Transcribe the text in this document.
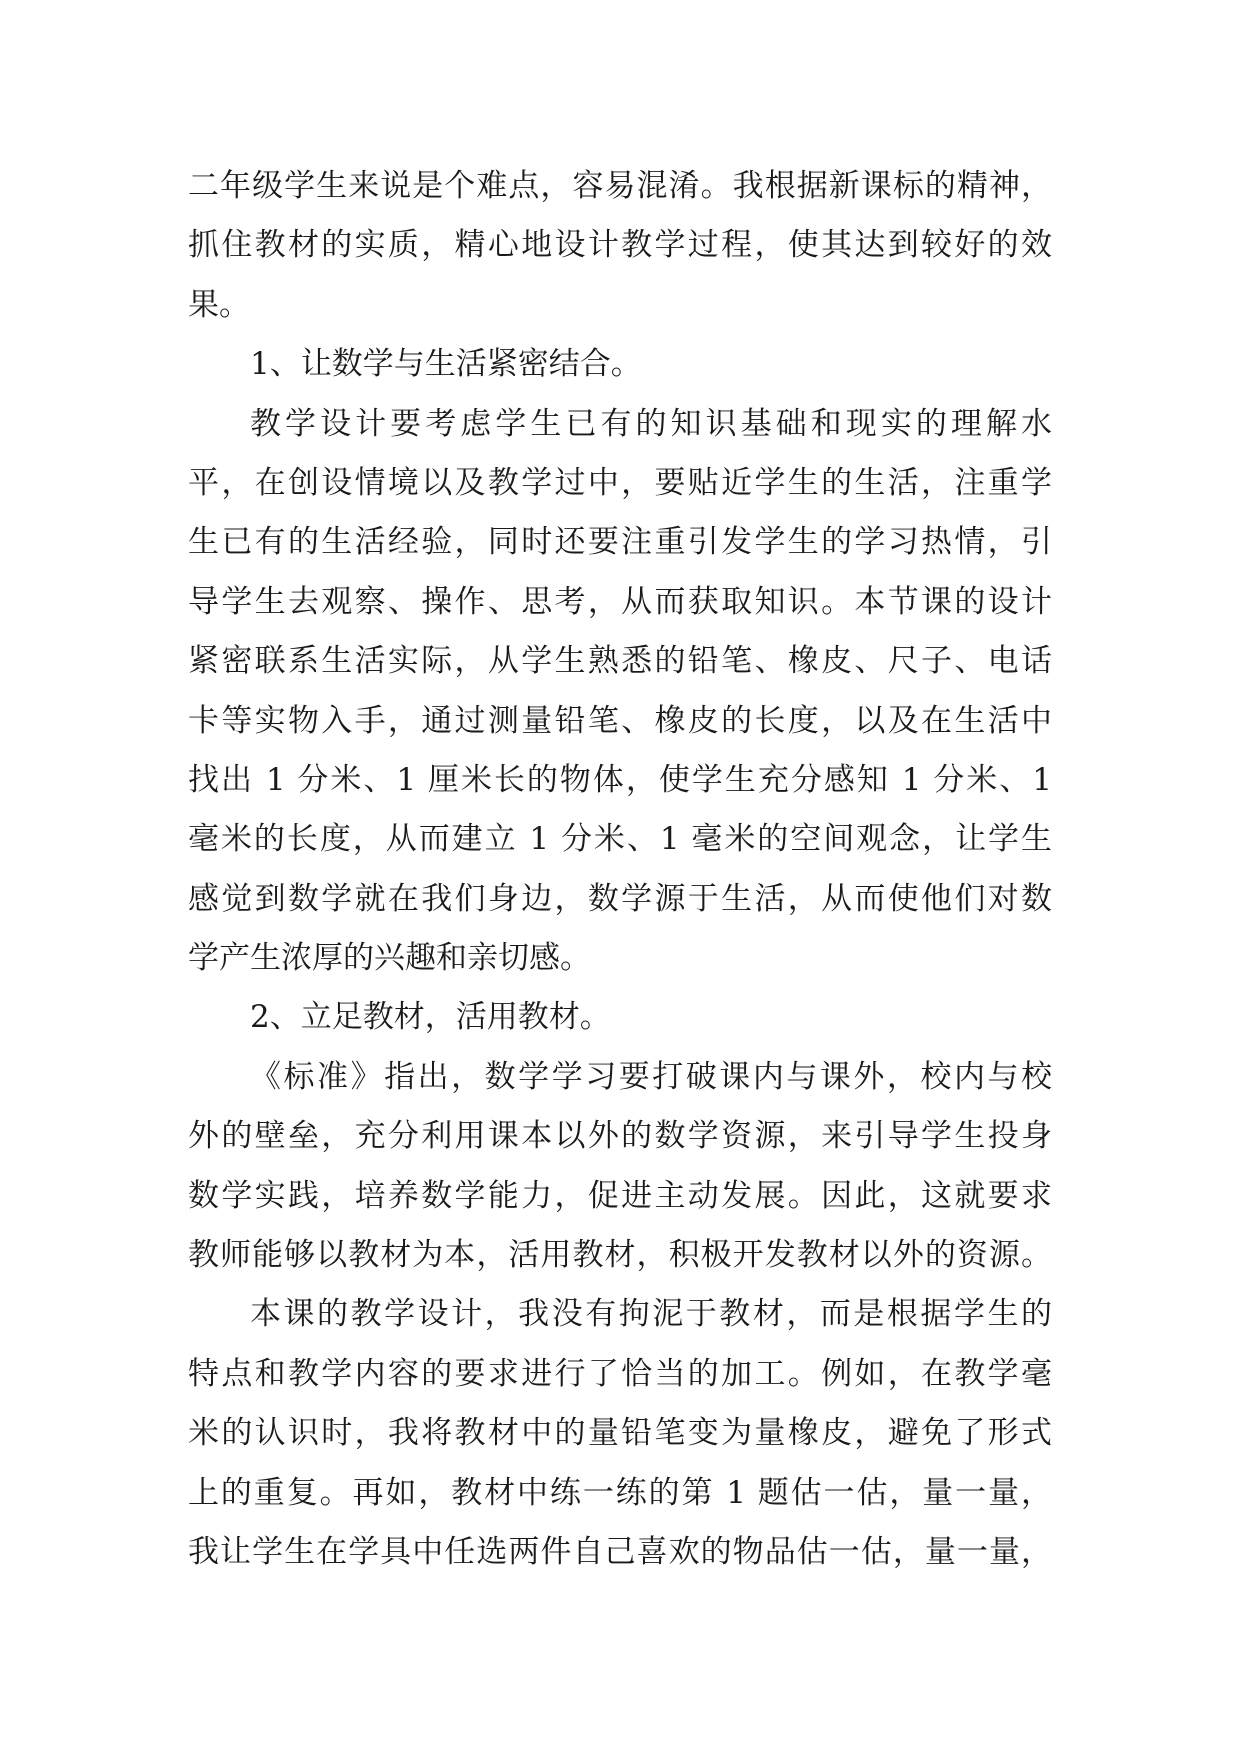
二年级学生来说是个难点，容易混淆。我根据新课标的精神，
抓住教材的实质，精心地设计教学过程，使其达到较好的效
果。
1、让数学与生活紧密结合。
教学设计要考虑学生已有的知识基础和现实的理解水
平，在创设情境以及教学过中，要贴近学生的生活，注重学
生已有的生活经验，同时还要注重引发学生的学习热情，引
导学生去观察、操作、思考，从而获取知识。本节课的设计
紧密联系生活实际，从学生熟悉的铅笔、橡皮、尺子、电话
卡等实物入手，通过测量铅笔、橡皮的长度，以及在生活中
找出 1 分米、1 厘米长的物体，使学生充分感知 1 分米、1
毫米的长度，从而建立 1 分米、1 毫米的空间观念，让学生
感觉到数学就在我们身边，数学源于生活，从而使他们对数
学产生浓厚的兴趣和亲切感。
2、立足教材，活用教材。
《标准》指出，数学学习要打破课内与课外，校内与校
外的壁垒，充分利用课本以外的数学资源，来引导学生投身
数学实践，培养数学能力，促进主动发展。因此，这就要求
教师能够以教材为本，活用教材，积极开发教材以外的资源。
本课的教学设计，我没有拘泥于教材，而是根据学生的
特点和教学内容的要求进行了恰当的加工。例如，在教学毫
米的认识时，我将教材中的量铅笔变为量橡皮，避免了形式
上的重复。再如，教材中练一练的第 1 题估一估，量一量，
我让学生在学具中任选两件自己喜欢的物品估一估，量一量，
